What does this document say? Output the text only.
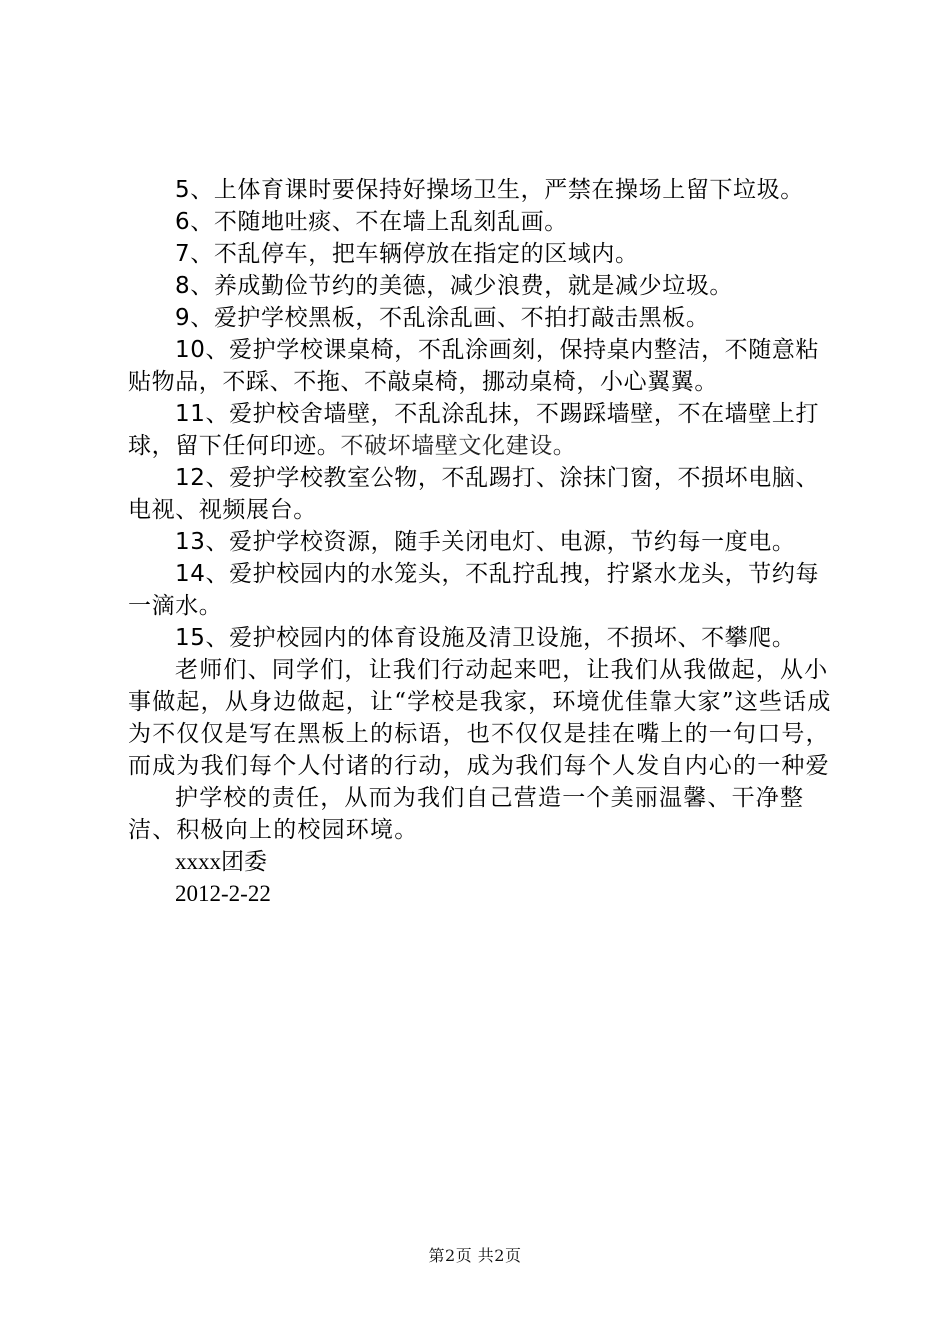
5、上体育课时要保持好操场卫生，严禁在操场上留下垃圾。

6、不随地吐痰、不在墙上乱刻乱画。

7、不乱停车，把车辆停放在指定的区域内。

8、养成勤俭节约的美德，减少浪费，就是减少垃圾。

9、爱护学校黑板，不乱涂乱画、不拍打敲击黑板。

10、爱护学校课桌椅，不乱涂画刻，保持桌内整洁，不随意粘贴物品，不踩、不拖、不敲桌椅，挪动桌椅，小心翼翼。

11、爱护校舍墙壁，不乱涂乱抹，不踢踩墙壁，不在墙壁上打球，留下任何印迹。不破坏墙壁文化建设。

12、爱护学校教室公物，不乱踢打、涂抹门窗，不损坏电脑、电视、视频展台。

13、爱护学校资源，随手关闭电灯、电源，节约每一度电。

14、爱护校园内的水笼头，不乱拧乱拽，拧紧水龙头，节约每一滴水。

15、爱护校园内的体育设施及清卫设施，不损坏、不攀爬。

老师们、同学们，让我们行动起来吧，让我们从我做起，从小事做起，从身边做起，让“学校是我家，环境优佳靠大家”这些话成为不仅仅是写在黑板上的标语，也不仅仅是挂在嘴上的一句口号，而成为我们每个人付诸的行动，成为我们每个人发自内心的一种爱

护学校的责任，从而为我们自己营造一个美丽温馨、干净整洁、积极向上的校园环境。

xxxx团委

2012-2-22

第2页 共2页
